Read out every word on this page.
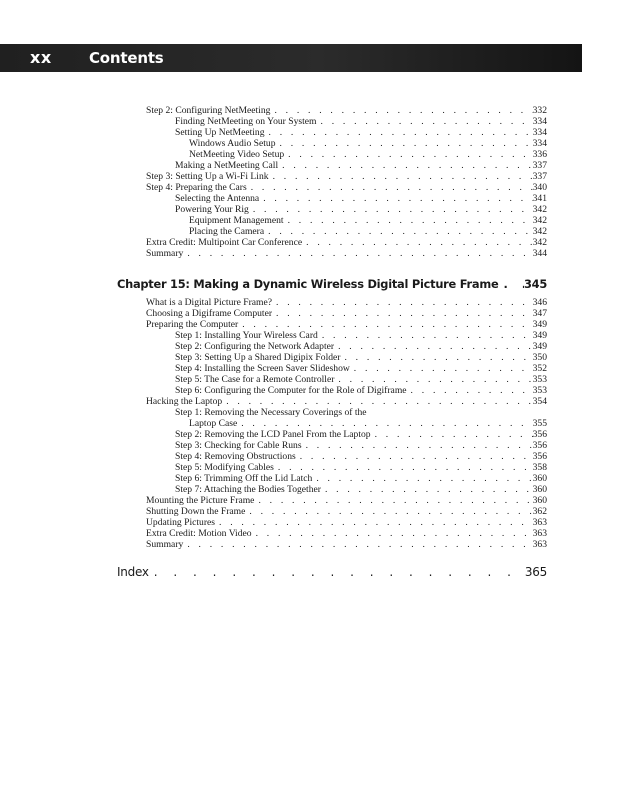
xx Contents
Step 2: Configuring NetMeeting . . .	332
Finding NetMeeting on Your System . . .	334
Setting Up NetMeeting . . .	334
Windows Audio Setup . . .	334
NetMeeting Video Setup . . .	336
Making a NetMeeting Call . . .	337
Step 3: Setting Up a Wi-Fi Link . . .	337
Step 4: Preparing the Cars . . .	340
Selecting the Antenna . . .	341
Powering Your Rig . . .	342
Equipment Management . . .	342
Placing the Camera . . .	342
Extra Credit: Multipoint Car Conference . . .	342
Summary . . .	344
Chapter 15: Making a Dynamic Wireless Digital Picture Frame . . . 345
What is a Digital Picture Frame? . . .	346
Choosing a Digiframe Computer . . .	347
Preparing the Computer . . .	349
Step 1: Installing Your Wireless Card . . .	349
Step 2: Configuring the Network Adapter . . .	349
Step 3: Setting Up a Shared Digipix Folder . . .	350
Step 4: Installing the Screen Saver Slideshow . . .	352
Step 5: The Case for a Remote Controller . . .	353
Step 6: Configuring the Computer for the Role of Digiframe . . .	353
Hacking the Laptop . . .	354
Step 1: Removing the Necessary Coverings of the
Laptop Case . . .	355
Step 2: Removing the LCD Panel From the Laptop . . .	356
Step 3: Checking for Cable Runs . . .	356
Step 4: Removing Obstructions . . .	356
Step 5: Modifying Cables . . .	358
Step 6: Trimming Off the Lid Latch . . .	360
Step 7: Attaching the Bodies Together . . .	360
Mounting the Picture Frame . . .	360
Shutting Down the Frame . . .	362
Updating Pictures . . .	363
Extra Credit: Motion Video . . .	363
Summary . . .	363
Index . . .	365
